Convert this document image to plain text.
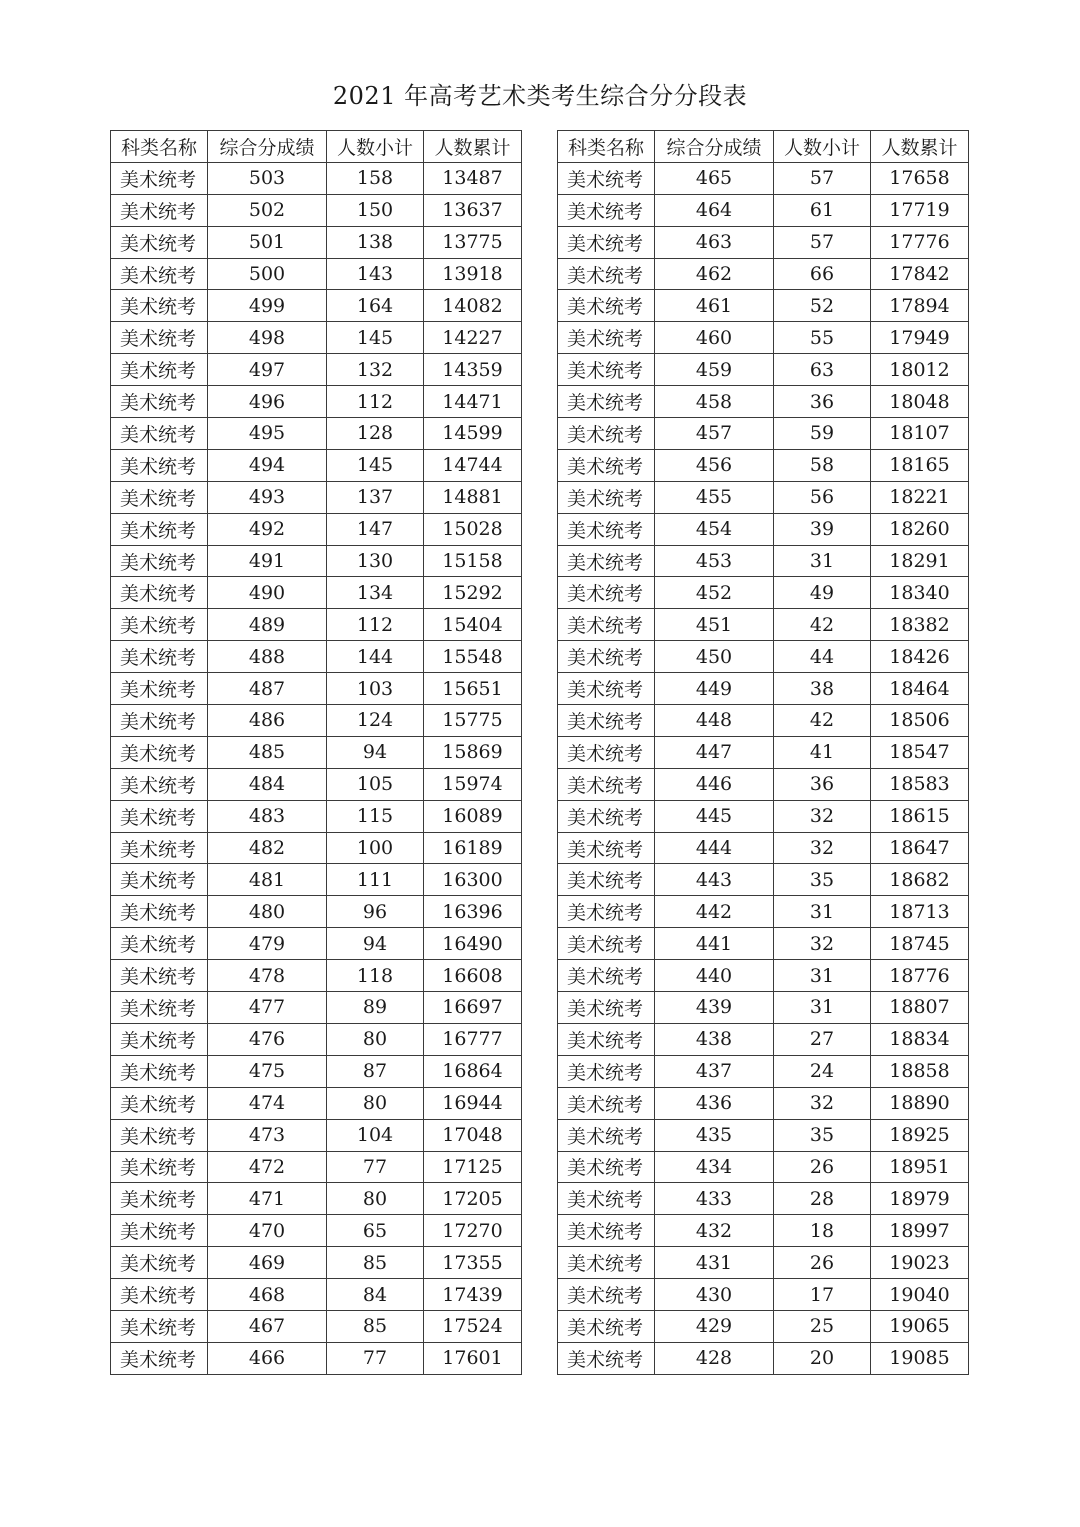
2021 年高考艺术类考生综合分分段表
科类名称	综合分成绩	人数小计	人数累计
美术统考	503	158	13487
美术统考	502	150	13637
美术统考	501	138	13775
美术统考	500	143	13918
美术统考	499	164	14082
美术统考	498	145	14227
美术统考	497	132	14359
美术统考	496	112	14471
美术统考	495	128	14599
美术统考	494	145	14744
美术统考	493	137	14881
美术统考	492	147	15028
美术统考	491	130	15158
美术统考	490	134	15292
美术统考	489	112	15404
美术统考	488	144	15548
美术统考	487	103	15651
美术统考	486	124	15775
美术统考	485	94	15869
美术统考	484	105	15974
美术统考	483	115	16089
美术统考	482	100	16189
美术统考	481	111	16300
美术统考	480	96	16396
美术统考	479	94	16490
美术统考	478	118	16608
美术统考	477	89	16697
美术统考	476	80	16777
美术统考	475	87	16864
美术统考	474	80	16944
美术统考	473	104	17048
美术统考	472	77	17125
美术统考	471	80	17205
美术统考	470	65	17270
美术统考	469	85	17355
美术统考	468	84	17439
美术统考	467	85	17524
美术统考	466	77	17601
科类名称	综合分成绩	人数小计	人数累计
美术统考	465	57	17658
美术统考	464	61	17719
美术统考	463	57	17776
美术统考	462	66	17842
美术统考	461	52	17894
美术统考	460	55	17949
美术统考	459	63	18012
美术统考	458	36	18048
美术统考	457	59	18107
美术统考	456	58	18165
美术统考	455	56	18221
美术统考	454	39	18260
美术统考	453	31	18291
美术统考	452	49	18340
美术统考	451	42	18382
美术统考	450	44	18426
美术统考	449	38	18464
美术统考	448	42	18506
美术统考	447	41	18547
美术统考	446	36	18583
美术统考	445	32	18615
美术统考	444	32	18647
美术统考	443	35	18682
美术统考	442	31	18713
美术统考	441	32	18745
美术统考	440	31	18776
美术统考	439	31	18807
美术统考	438	27	18834
美术统考	437	24	18858
美术统考	436	32	18890
美术统考	435	35	18925
美术统考	434	26	18951
美术统考	433	28	18979
美术统考	432	18	18997
美术统考	431	26	19023
美术统考	430	17	19040
美术统考	429	25	19065
美术统考	428	20	19085
